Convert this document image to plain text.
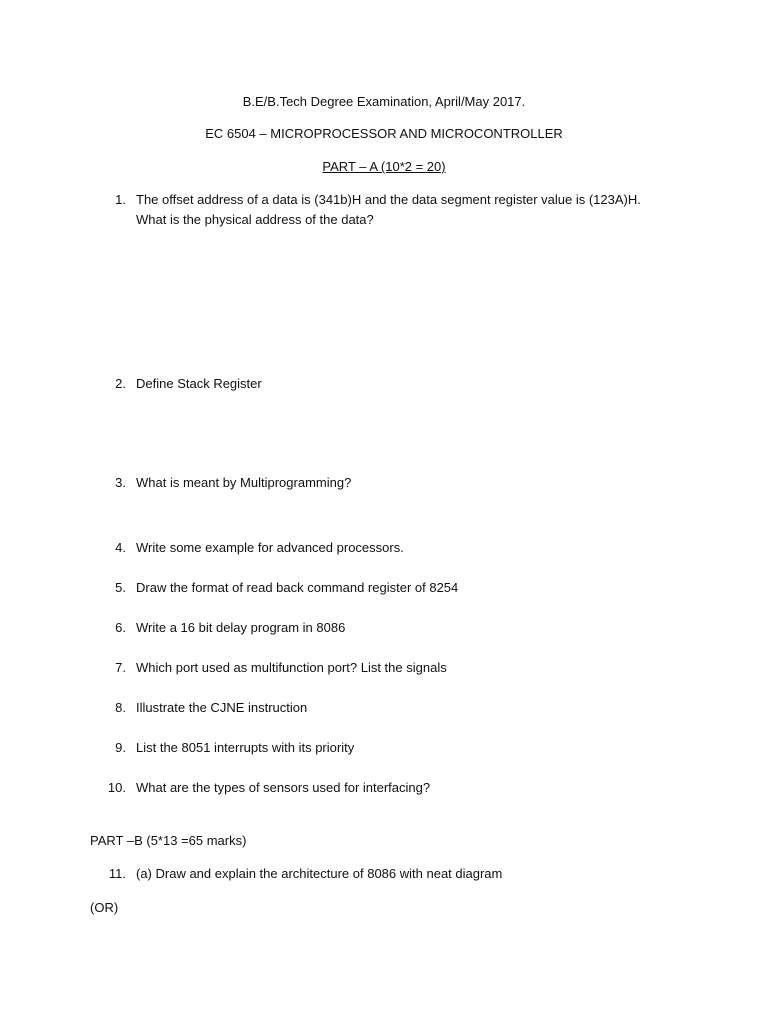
B.E/B.Tech Degree Examination, April/May 2017.
EC 6504 – MICROPROCESSOR AND MICROCONTROLLER
PART – A (10*2 = 20)
1. The offset address of a data is (341b)H and the data segment register value is (123A)H. What is the physical address of the data?
2. Define Stack Register
3. What is meant by Multiprogramming?
4. Write some example for advanced processors.
5. Draw the format of read back command register of 8254
6. Write a 16 bit delay program in 8086
7. Which port used as multifunction port? List the signals
8. Illustrate the CJNE instruction
9. List the 8051 interrupts with its priority
10. What are the types of sensors used for interfacing?
PART –B (5*13 =65 marks)
11. (a) Draw and explain the architecture of 8086 with neat diagram
(OR)
